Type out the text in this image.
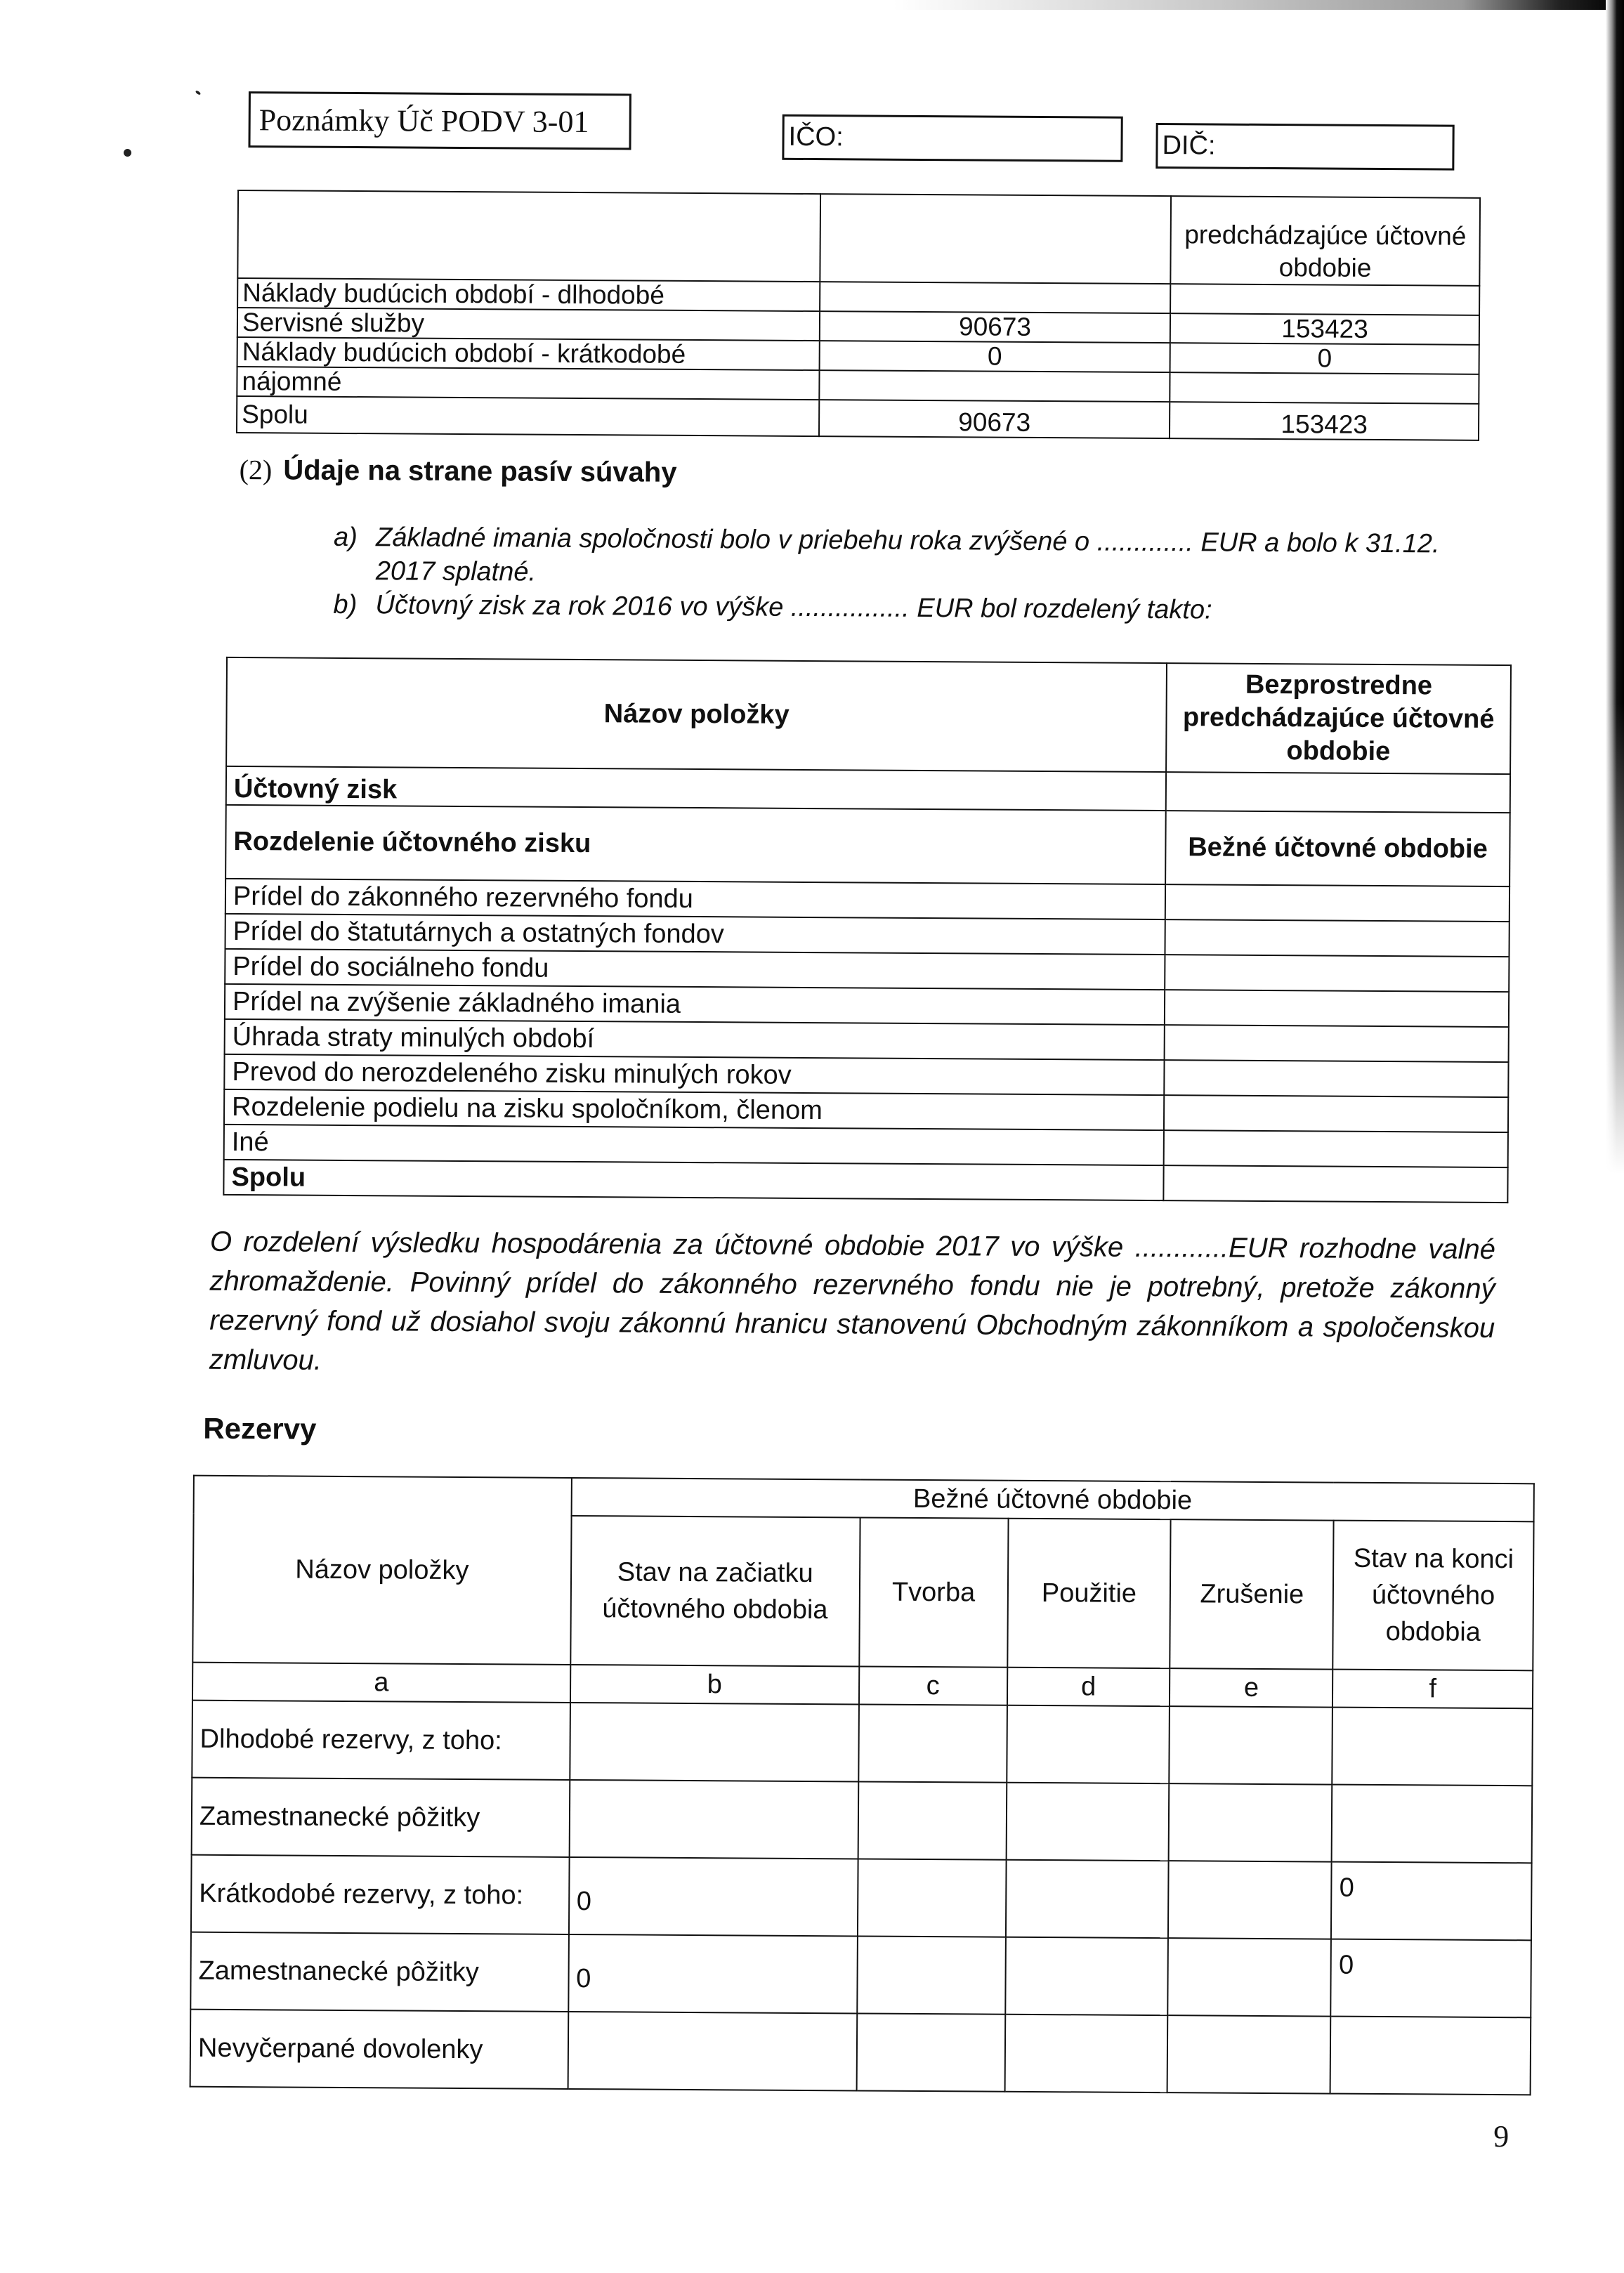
Poznámky Úč PODV 3-01	IČO:	DIČ:
		predchádzajúce účtovné obdobie
Náklady budúcich období - dlhodobé		
Servisné služby	90673	153423
Náklady budúcich období - krátkodobé	0	0
nájomné		
Spolu	90673	153423
(2) Údaje na strane pasív súvahy
a) Základné imania spoločnosti bolo v priebehu roka zvýšené o ............. EUR a bolo k 31.12. 2017 splatné.
b) Účtovný zisk za rok 2016 vo výške ................ EUR bol rozdelený takto:
Názov položky	Bezprostredne predchádzajúce účtovné obdobie
Účtovný zisk	
Rozdelenie účtovného zisku	Bežné účtovné obdobie
Prídel do zákonného rezervného fondu	
Prídel do štatutárnych a ostatných fondov	
Prídel do sociálneho fondu	
Prídel na zvýšenie základného imania	
Úhrada straty minulých období	
Prevod do nerozdeleného zisku minulých rokov	
Rozdelenie podielu na zisku spoločníkom, členom	
Iné	
Spolu	
O rozdelení výsledku hospodárenia za účtovné obdobie 2017 vo výške ............EUR rozhodne valné zhromaždenie. Povinný prídel do zákonného rezervného fondu nie je potrebný, pretože zákonný rezervný fond už dosiahol svoju zákonnú hranicu stanovenú Obchodným zákonníkom a spoločenskou zmluvou.
Rezervy
Názov položky	Bežné účtovné obdobie				
	Stav na začiatku účtovného obdobia	Tvorba	Použitie	Zrušenie	Stav na konci účtovného obdobia
a	b	c	d	e	f
Dlhodobé rezervy, z toho:					
Zamestnanecké pôžitky					
Krátkodobé rezervy, z toho:	0				0
Zamestnanecké pôžitky	0				0
Nevyčerpané dovolenky					
9
